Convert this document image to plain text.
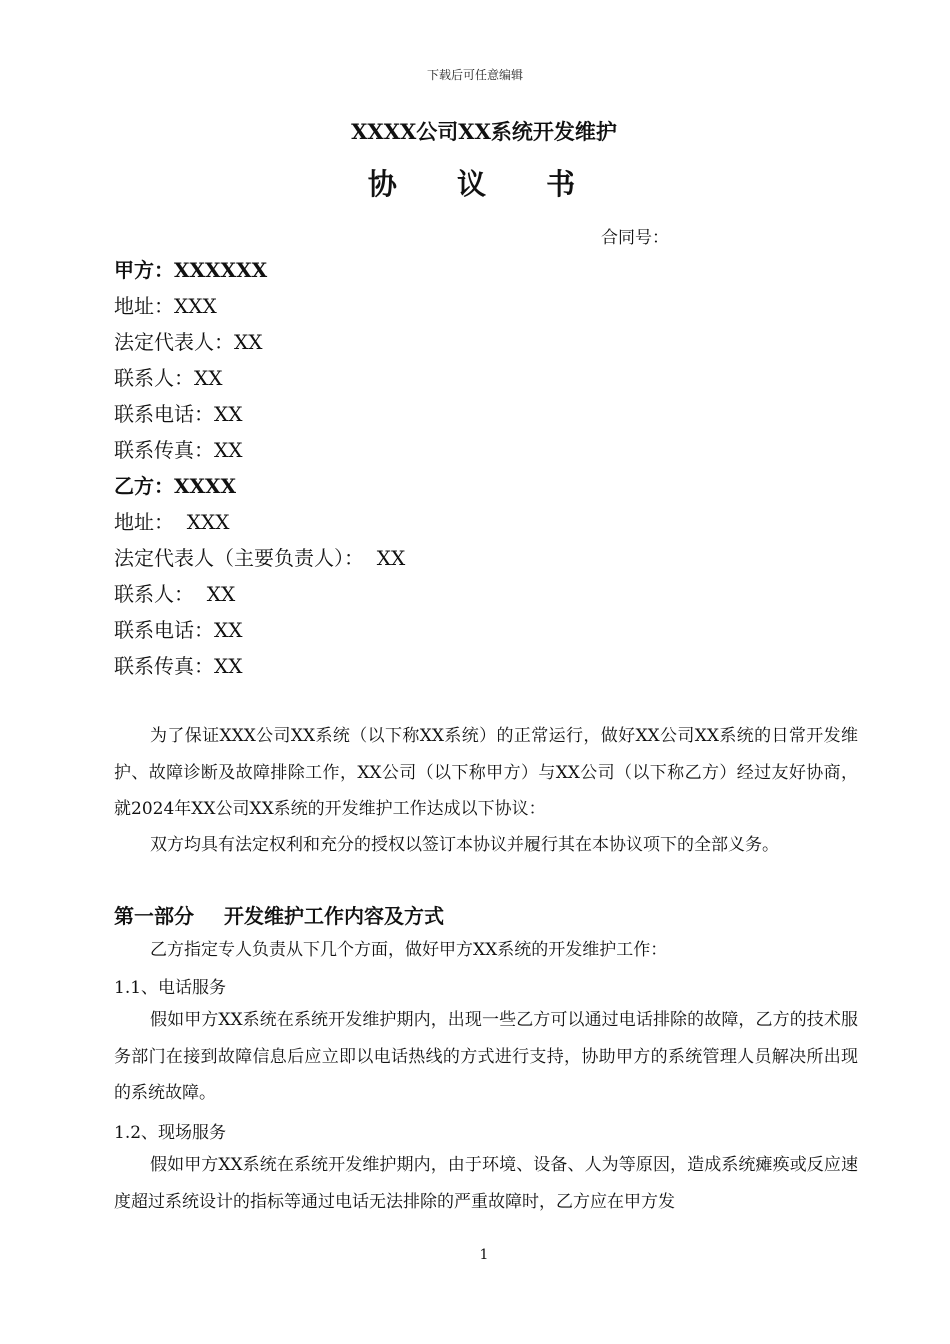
下载后可任意编辑
XXXX公司XX系统开发维护
协 议 书
合同号：
甲方：XXXXXX
地址：XXX
法定代表人：XX
联系人：XX
联系电话：XX
联系传真：XX
乙方：XXXX
地址：  XXX
法定代表人（主要负责人）：  XX
联系人：  XX
联系电话：XX
联系传真：XX
为了保证XXX公司XX系统（以下称XX系统）的正常运行，做好XX公司XX系统的日常开发维护、故障诊断及故障排除工作，XX公司（以下称甲方）与XX公司（以下称乙方）经过友好协商，就2024年XX公司XX系统的开发维护工作达成以下协议：
双方均具有法定权利和充分的授权以签订本协议并履行其在本协议项下的全部义务。
第一部分 开发维护工作内容及方式
乙方指定专人负责从下几个方面，做好甲方XX系统的开发维护工作：
1.1、电话服务
假如甲方XX系统在系统开发维护期内，出现一些乙方可以通过电话排除的故障，乙方的技术服务部门在接到故障信息后应立即以电话热线的方式进行支持，协助甲方的系统管理人员解决所出现的系统故障。
1.2、现场服务
假如甲方XX系统在系统开发维护期内，由于环境、设备、人为等原因，造成系统瘫痪或反应速度超过系统设计的指标等通过电话无法排除的严重故障时，乙方应在甲方发
1
